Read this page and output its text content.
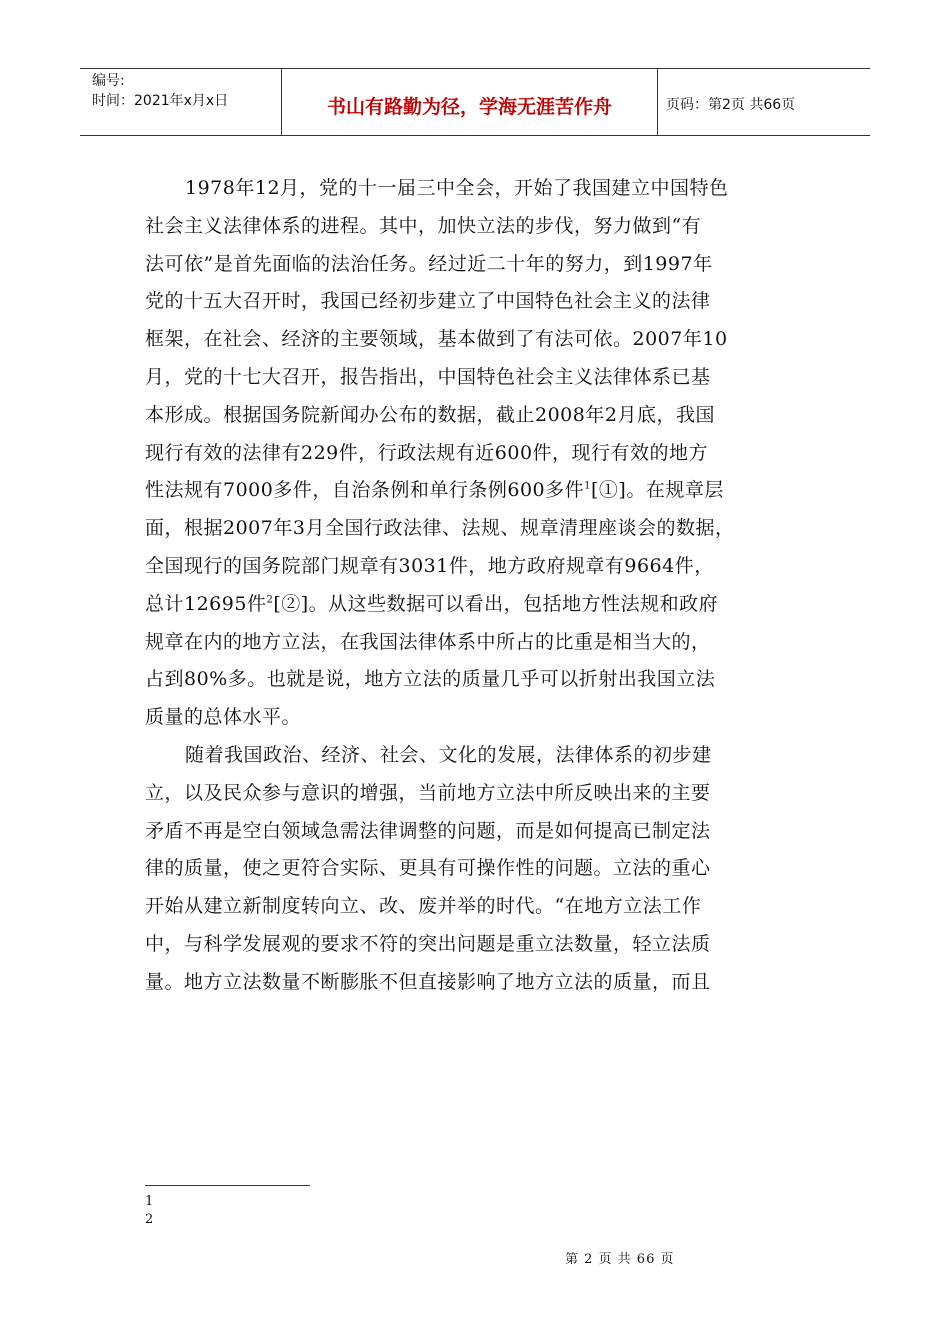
编号:
时间：2021年x月x日	书山有路勤为径，学海无涯苦作舟	页码：第2页 共66页
1978年12月，党的十一届三中全会，开始了我国建立中国特色
社会主义法律体系的进程。其中，加快立法的步伐，努力做到“有
法可依”是首先面临的法治任务。经过近二十年的努力，到1997年
党的十五大召开时，我国已经初步建立了中国特色社会主义的法律
框架，在社会、经济的主要领域，基本做到了有法可依。2007年10
月，党的十七大召开，报告指出，中国特色社会主义法律体系已基
本形成。根据国务院新闻办公布的数据，截止2008年2月底，我国
现行有效的法律有229件，行政法规有近600件，现行有效的地方
性法规有7000多件，自治条例和单行条例600多件$^1$[①]。在规章层
面，根据2007年3月全国行政法律、法规、规章清理座谈会的数据，
全国现行的国务院部门规章有3031件，地方政府规章有9664件，
总计12695件$^2$[②]。从这些数据可以看出，包括地方性法规和政府
规章在内的地方立法，在我国法律体系中所占的比重是相当大的，
占到80%多。也就是说，地方立法的质量几乎可以折射出我国立法
质量的总体水平。
随着我国政治、经济、社会、文化的发展，法律体系的初步建
立，以及民众参与意识的增强，当前地方立法中所反映出来的主要
矛盾不再是空白领域急需法律调整的问题，而是如何提高已制定法
律的质量，使之更符合实际、更具有可操作性的问题。立法的重心
开始从建立新制度转向立、改、废并举的时代。“在地方立法工作
中，与科学发展观的要求不符的突出问题是重立法数量，轻立法质
量。地方立法数量不断膨胀不但直接影响了地方立法的质量，而且
1
2
第 2 页 共 66 页
